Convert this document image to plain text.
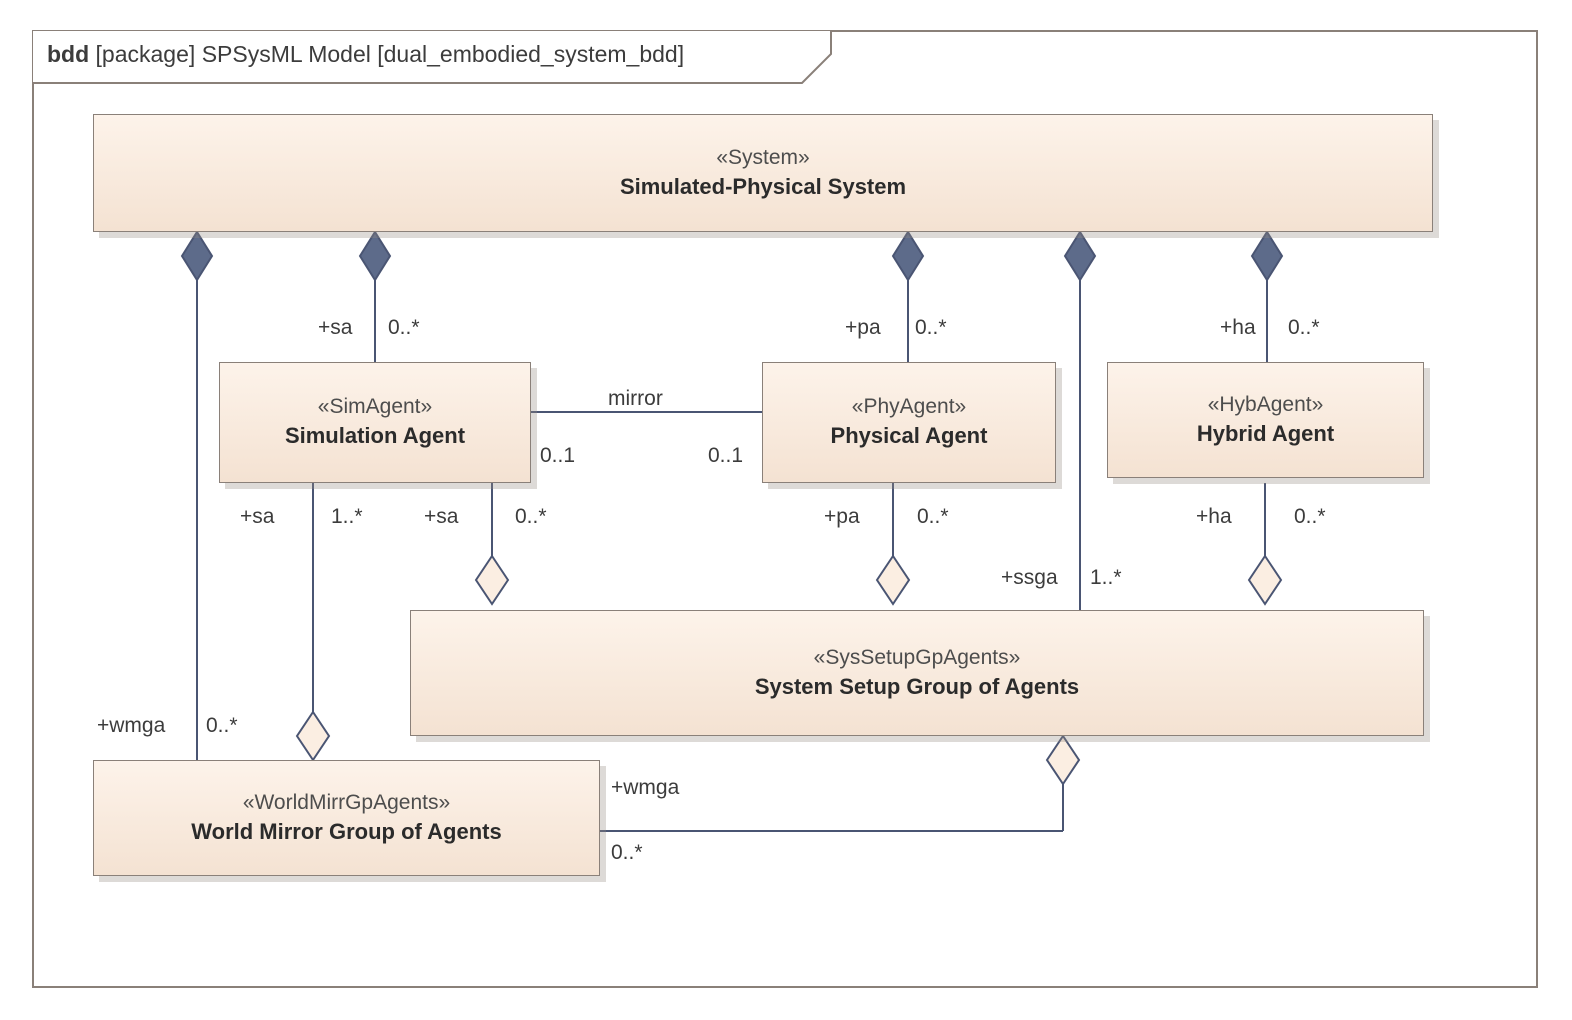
bdd [package] SPSysML Model [dual_embodied_system_bdd]
«System»
Simulated-Physical System
«SimAgent»
Simulation Agent
«PhyAgent»
Physical Agent
«HybAgent»
Hybrid Agent
«SysSetupGpAgents»
System Setup Group of Agents
«WorldMirrGpAgents»
World Mirror Group of Agents
+sa 0..*	+pa 0..*	+ha 0..*
mirror
0..1	0..1
+sa	1..*	+sa	0..*	+pa	0..*	+ha	0..*
+ssga 1..*
+wmga 0..*
+wmga
0..*
